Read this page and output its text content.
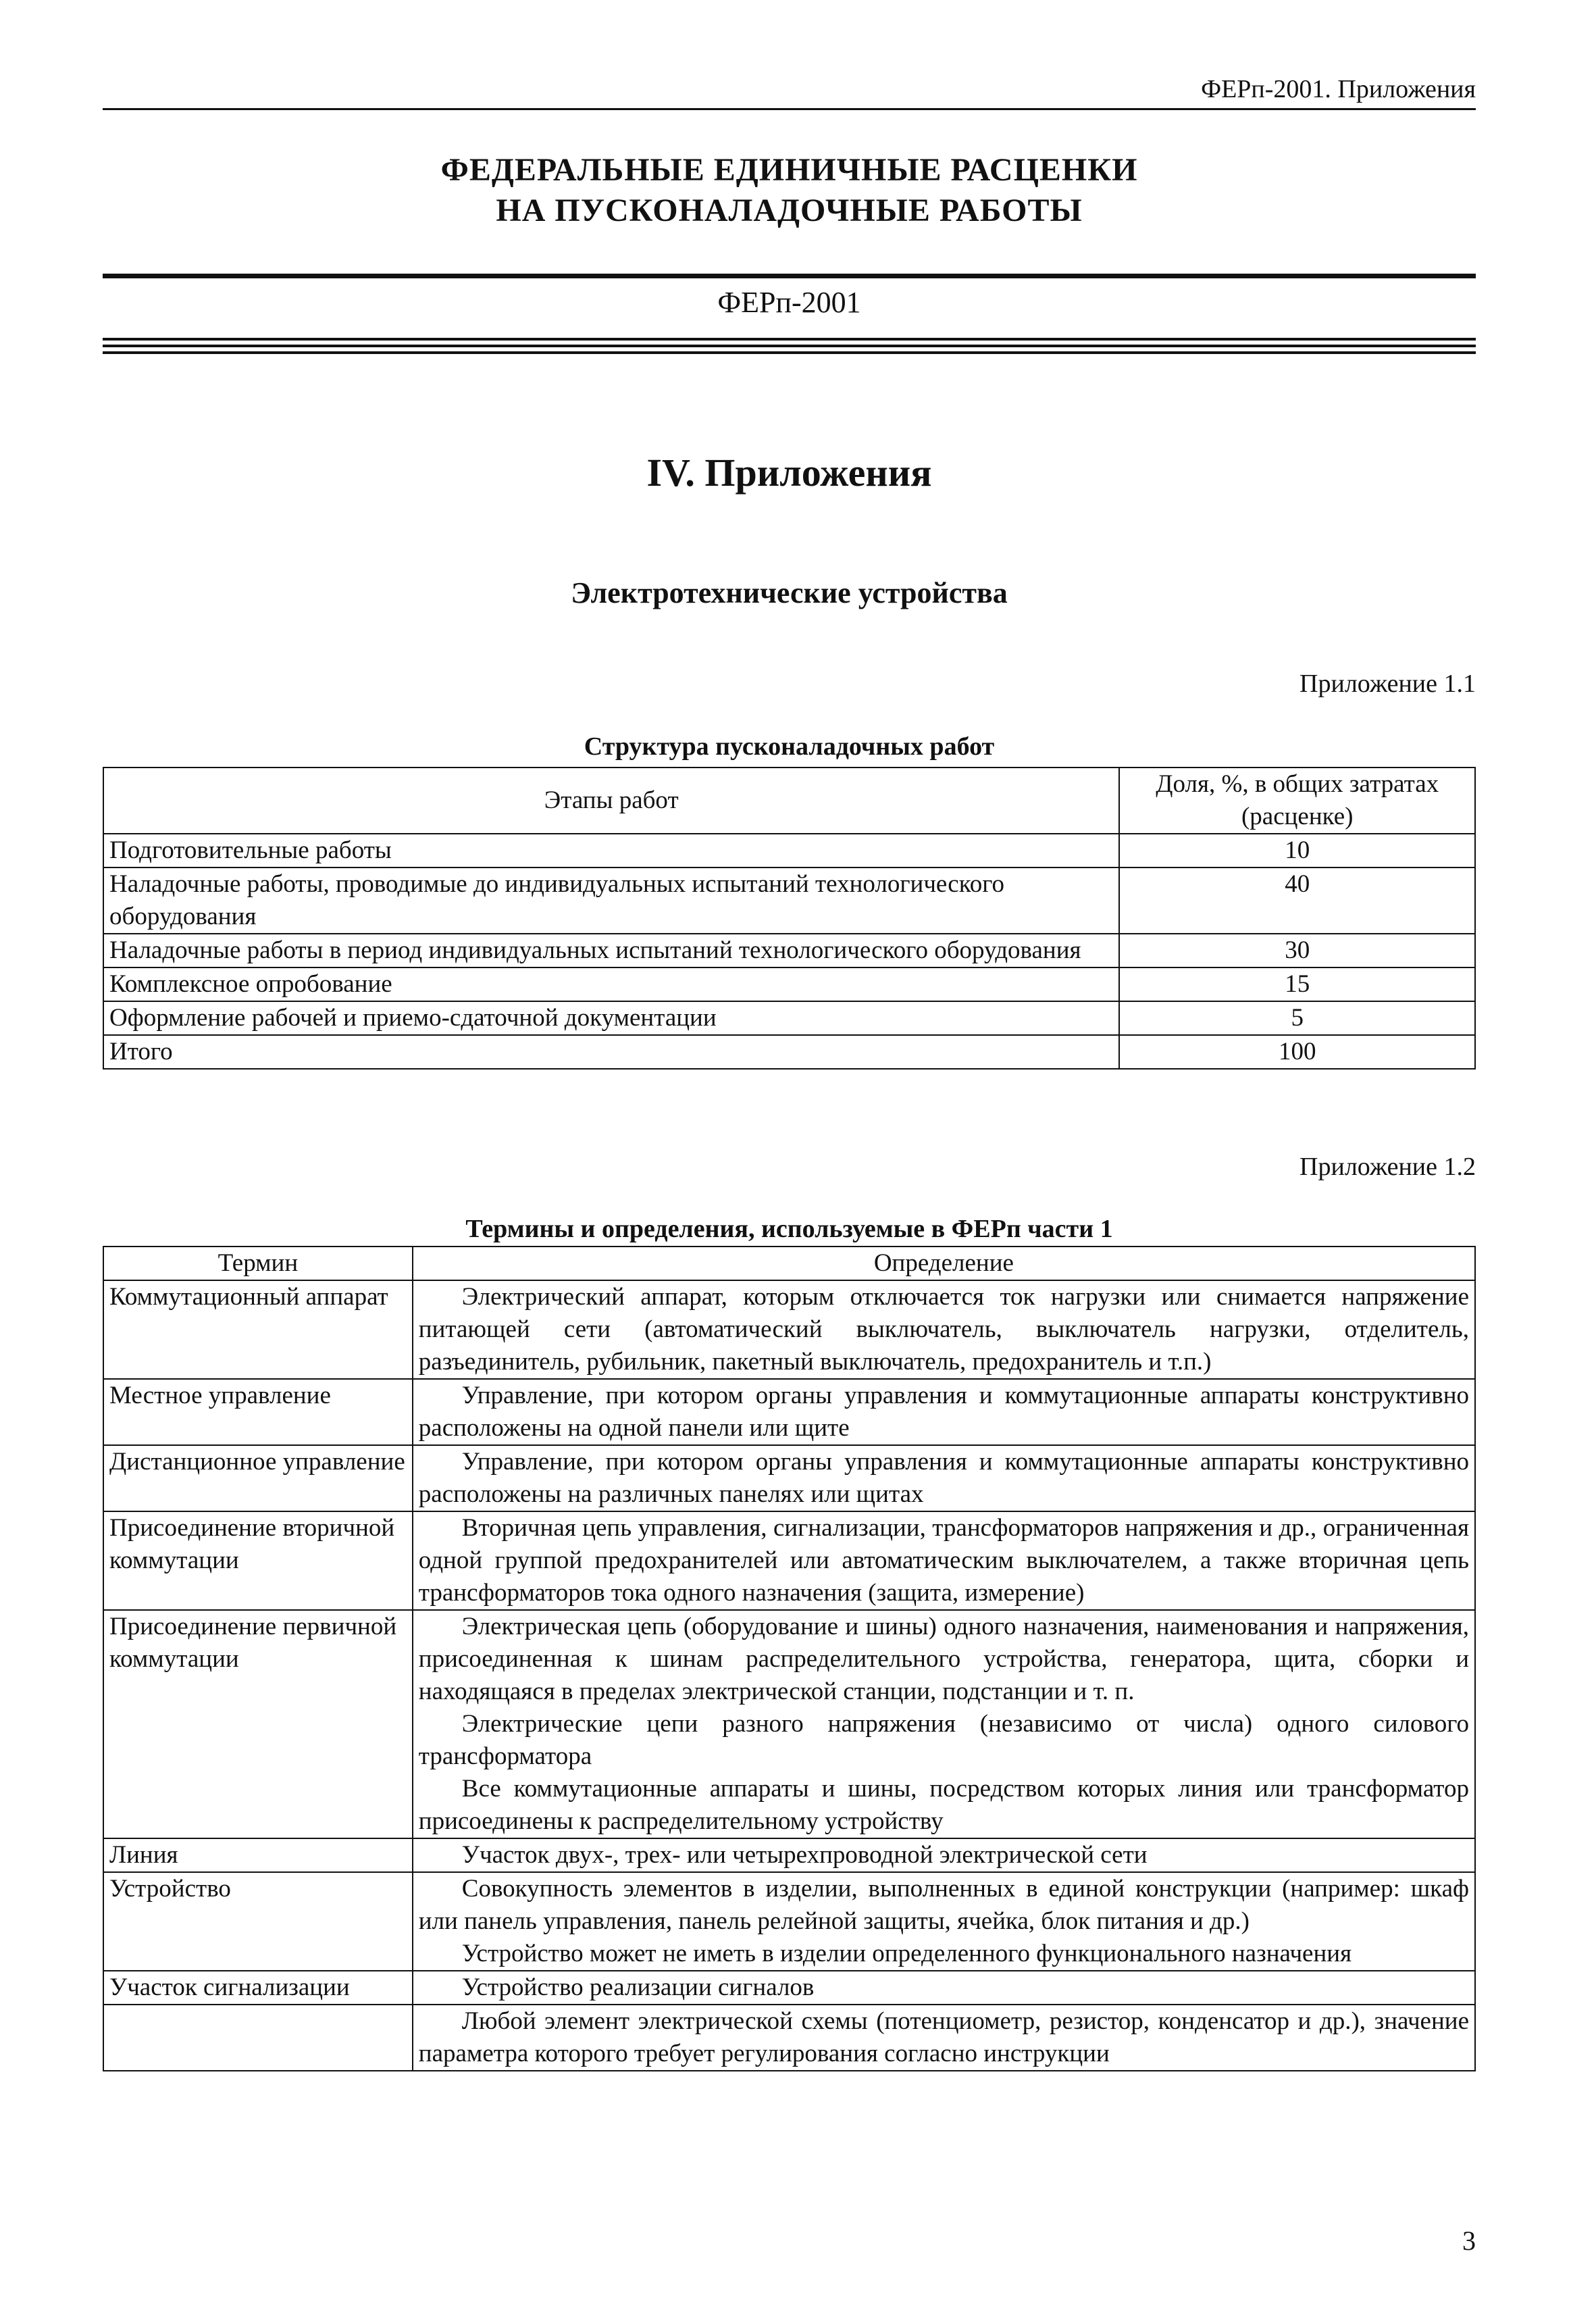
ФЕРп-2001. Приложения
ФЕДЕРАЛЬНЫЕ ЕДИНИЧНЫЕ РАСЦЕНКИ
НА ПУСКОНАЛАДОЧНЫЕ РАБОТЫ
ФЕРп-2001
IV. Приложения
Электротехнические устройства
Приложение 1.1
Структура пусконаладочных работ
Этапы работ	Доля, %, в общих затратах (расценке)
Подготовительные работы	10
Наладочные работы, проводимые до индивидуальных испытаний технологического оборудования	40
Наладочные работы в период индивидуальных испытаний технологического оборудования	30
Комплексное опробование	15
Оформление рабочей и приемо-сдаточной документации	5
Итого	100
Приложение 1.2
Термины и определения, используемые в ФЕРп части 1
Термин	Определение
Коммутационный аппарат	Электрический аппарат, которым отключается ток нагрузки или снимается напряжение питающей сети (автоматический выключатель, выключатель нагрузки, отделитель, разъединитель, рубильник, пакетный выключатель, предохранитель и т.п.)

Местное управление	Управление, при котором органы управления и коммутационные аппараты конструктивно расположены на одной панели или щите

Дистанционное управление	Управление, при котором органы управления и коммутационные аппараты конструктивно расположены на различных панелях или щитах

Присоединение вторичной коммутации	Вторичная цепь управления, сигнализации, трансформаторов напряжения и др., ограниченная одной группой предохранителей или автоматическим выключателем, а также вторичная цепь трансформаторов тока одного назначения (защита, измерение)

Присоединение первичной коммутации	Электрическая цепь (оборудование и шины) одного назначения, наименования и напряжения, присоединенная к шинам распределительного устройства, генератора, щита, сборки и находящаяся в пределах электрической станции, подстанции и т. п.

Электрические цепи разного напряжения (независимо от числа) одного силового трансформатора

Все коммутационные аппараты и шины, посредством которых линия или трансформатор присоединены к распределительному устройству

Линия	Участок двух-, трех- или четырехпроводной электрической сети

Устройство	Совокупность элементов в изделии, выполненных в единой конструкции (например: шкаф или панель управления, панель релейной защиты, ячейка, блок питания и др.)

Устройство может не иметь в изделии определенного функционального назначения

Участок сигнализации	Устройство реализации сигналов

	Любой элемент электрической схемы (потенциометр, резистор, конденсатор и др.), значение параметра которого требует регулирования согласно инструкции

3
